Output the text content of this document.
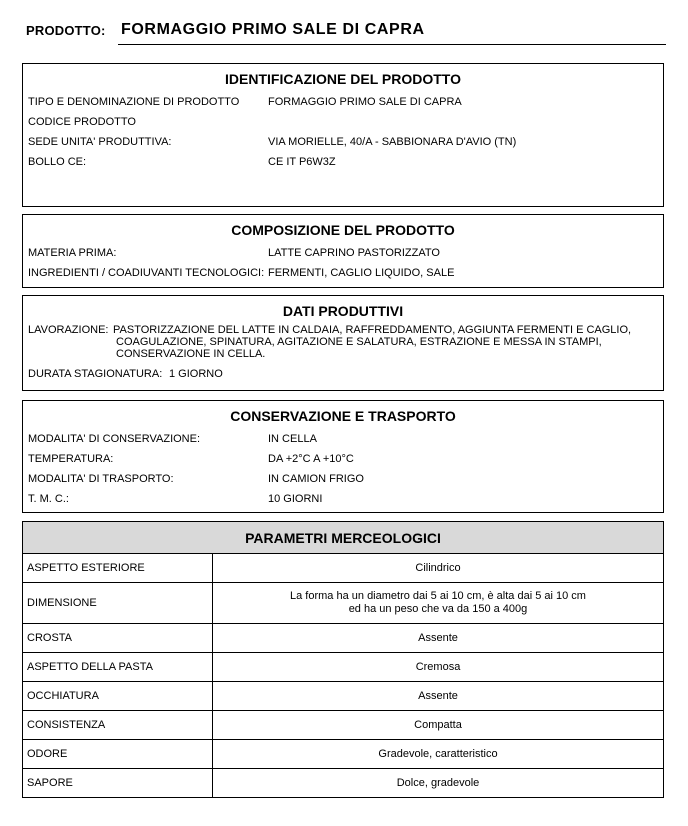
PRODOTTO: FORMAGGIO PRIMO SALE DI CAPRA
IDENTIFICAZIONE DEL PRODOTTO
TIPO E DENOMINAZIONE DI PRODOTTO	FORMAGGIO PRIMO SALE DI CAPRA
CODICE PRODOTTO
SEDE UNITA' PRODUTTIVA:	VIA MORIELLE, 40/A - SABBIONARA D'AVIO (TN)
BOLLO CE:	CE IT P6W3Z
COMPOSIZIONE DEL PRODOTTO
MATERIA PRIMA:	LATTE CAPRINO PASTORIZZATO
INGREDIENTI / COADIUVANTI TECNOLOGICI: FERMENTI, CAGLIO LIQUIDO, SALE
DATI PRODUTTIVI
LAVORAZIONE: PASTORIZZAZIONE DEL LATTE IN CALDAIA, RAFFREDDAMENTO, AGGIUNTA FERMENTI E CAGLIO,
COAGULAZIONE, SPINATURA, AGITAZIONE E SALATURA, ESTRAZIONE E MESSA IN STAMPI,
CONSERVAZIONE IN CELLA.
DURATA STAGIONATURA: 1 GIORNO
CONSERVAZIONE E TRASPORTO
MODALITA' DI CONSERVAZIONE:	IN CELLA
TEMPERATURA:	DA +2°C A +10°C
MODALITA' DI TRASPORTO:	IN CAMION FRIGO
T. M. C.:	10 GIORNI
PARAMETRI MERCEOLOGICI	
ASPETTO ESTERIORE	Cilindrico
DIMENSIONE	La forma ha un diametro dai 5 ai 10 cm, è alta dai 5 ai 10 cm
ed ha un peso che va da 150 a 400g
CROSTA	Assente
ASPETTO DELLA PASTA	Cremosa
OCCHIATURA	Assente
CONSISTENZA	Compatta
ODORE	Gradevole, caratteristico
SAPORE	Dolce, gradevole
